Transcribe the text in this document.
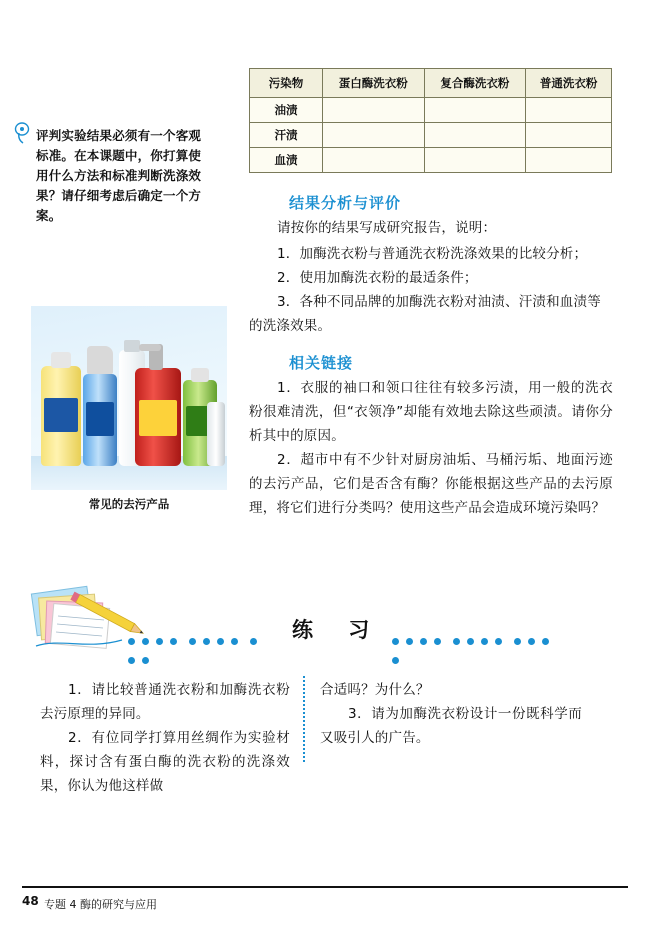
污染物	蛋白酶洗衣粉	复合酶洗衣粉	普通洗衣粉
油渍			
汗渍			
血渍			
评判实验结果必须有一个客观标准。在本课题中，你打算使用什么方法和标准判断洗涤效果？请仔细考虑后确定一个方案。
结果分析与评价
请按你的结果写成研究报告，说明：
1．加酶洗衣粉与普通洗衣粉洗涤效果的比较分析；
2．使用加酶洗衣粉的最适条件；
3．各种不同品牌的加酶洗衣粉对油渍、汗渍和血渍等
的洗涤效果。
相关链接
1．衣服的袖口和领口往往有较多污渍，用一般的洗衣粉很难清洗，但“衣领净”却能有效地去除这些顽渍。请你分析其中的原因。
2．超市中有不少针对厨房油垢、马桶污垢、地面污迹的去污产品，它们是否含有酶？你能根据这些产品的去污原理，将它们进行分类吗？使用这些产品会造成环境污染吗？
常见的去污产品

练 习

1．请比较普通洗衣粉和加酶洗衣粉去污原理的异同。
2．有位同学打算用丝绸作为实验材料，探讨含有蛋白酶的洗衣粉的洗涤效果，你认为他这样做
合适吗？为什么？
3．请为加酶洗衣粉设计一份既科学而又吸引人的广告。
48 专题 4 酶的研究与应用
